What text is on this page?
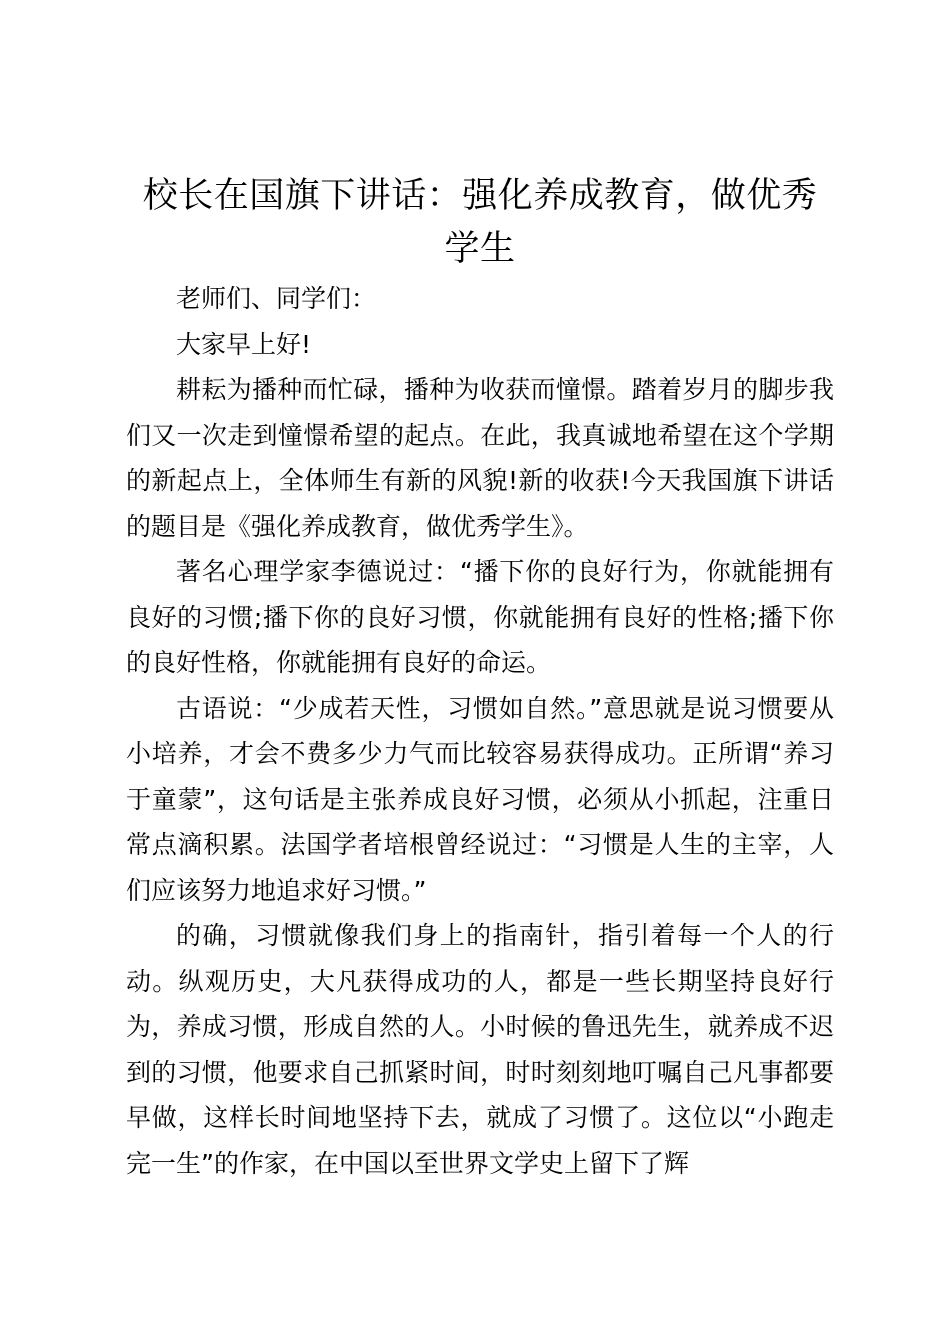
校长在国旗下讲话：强化养成教育，做优秀学生

老师们、同学们：

大家早上好!

耕耘为播种而忙碌，播种为收获而憧憬。踏着岁月的脚步我们又一次走到憧憬希望的起点。在此，我真诚地希望在这个学期的新起点上，全体师生有新的风貌!新的收获!今天我国旗下讲话的题目是《强化养成教育，做优秀学生》。

著名心理学家李德说过：“播下你的良好行为，你就能拥有良好的习惯;播下你的良好习惯，你就能拥有良好的性格;播下你的良好性格，你就能拥有良好的命运。

古语说：“少成若天性，习惯如自然。”意思就是说习惯要从小培养，才会不费多少力气而比较容易获得成功。正所谓“养习于童蒙”，这句话是主张养成良好习惯，必须从小抓起，注重日常点滴积累。法国学者培根曾经说过：“习惯是人生的主宰，人们应该努力地追求好习惯。”

的确，习惯就像我们身上的指南针，指引着每一个人的行动。纵观历史，大凡获得成功的人，都是一些长期坚持良好行为，养成习惯，形成自然的人。小时候的鲁迅先生，就养成不迟到的习惯，他要求自己抓紧时间，时时刻刻地叮嘱自己凡事都要早做，这样长时间地坚持下去，就成了习惯了。这位以“小跑走完一生”的作家，在中国以至世界文学史上留下了辉
